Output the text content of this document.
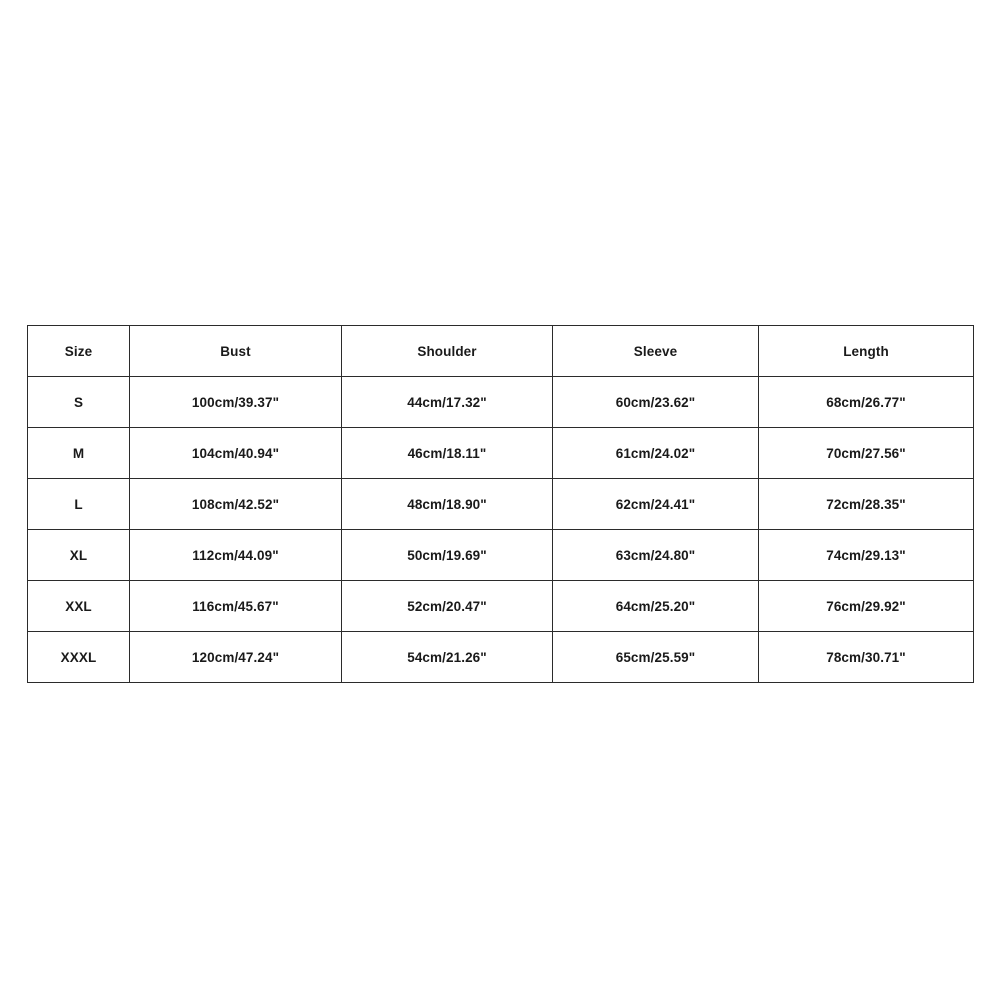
Size	Bust	Shoulder	Sleeve	Length
S	100cm/39.37"	44cm/17.32"	60cm/23.62"	68cm/26.77"
M	104cm/40.94"	46cm/18.11"	61cm/24.02"	70cm/27.56"
L	108cm/42.52"	48cm/18.90"	62cm/24.41"	72cm/28.35"
XL	112cm/44.09"	50cm/19.69"	63cm/24.80"	74cm/29.13"
XXL	116cm/45.67"	52cm/20.47"	64cm/25.20"	76cm/29.92"
XXXL	120cm/47.24"	54cm/21.26"	65cm/25.59"	78cm/30.71"
